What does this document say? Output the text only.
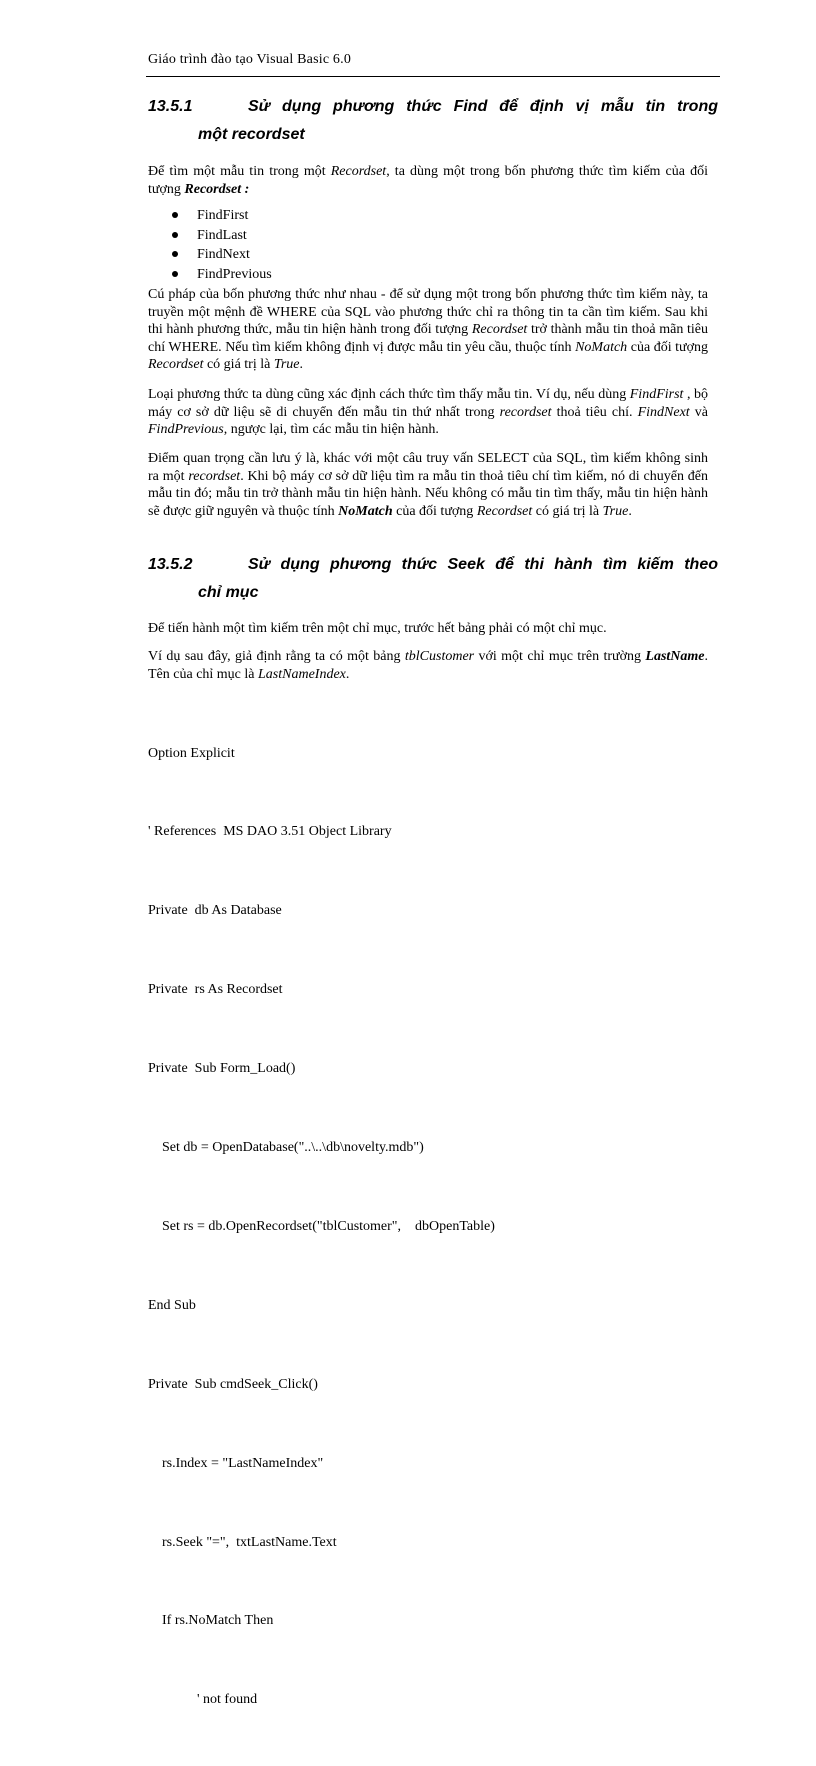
Giáo trình đào tạo Visual Basic 6.0
13.5.1	Sử dụng phương thức Find để định vị mẫu tin trong
một recordset
Để tìm một mẫu tin trong một Recordset, ta dùng một trong bốn phương thức tìm kiếm của đối tượng Recordset :
FindFirst
FindLast
FindNext
FindPrevious
Cú pháp của bốn phương thức như nhau - để sử dụng một trong bốn phương thức tìm kiếm này, ta truyền một mệnh đề WHERE của SQL vào phương thức chỉ ra thông tin ta cần tìm kiếm. Sau khi thi hành phương thức, mẫu tin hiện hành trong đối tượng Recordset trở thành mẫu tin thoả mãn tiêu chí WHERE. Nếu tìm kiếm không định vị được mẫu tin yêu cầu, thuộc tính NoMatch của đối tượng Recordset có giá trị là True.
Loại phương thức ta dùng cũng xác định cách thức tìm thấy mẫu tin. Ví dụ, nếu dùng FindFirst , bộ máy cơ sở dữ liệu sẽ di chuyển đến mẫu tin thứ nhất trong recordset thoả tiêu chí. FindNext và FindPrevious, ngược lại, tìm các mẫu tin hiện hành.
Điểm quan trọng cần lưu ý là, khác với một câu truy vấn SELECT của SQL, tìm kiếm không sinh ra một recordset. Khi bộ máy cơ sở dữ liệu tìm ra mẫu tin thoả tiêu chí tìm kiếm, nó di chuyển đến mẫu tin đó; mẫu tin trở thành mẫu tin hiện hành. Nếu không có mẫu tin tìm thấy, mẫu tin hiện hành sẽ được giữ nguyên và thuộc tính NoMatch của đối tượng Recordset có giá trị là True.
13.5.2	Sử dụng phương thức Seek để thi hành tìm kiếm theo
chỉ mục
Để tiến hành một tìm kiếm trên một chỉ mục, trước hết bảng phải có một chỉ mục.
Ví dụ sau đây, giả định rằng ta có một bảng tblCustomer với một chỉ mục trên trường LastName. Tên của chỉ mục là LastNameIndex.

Option Explicit

' References  MS DAO 3.51 Object Library

Private  db As Database

Private  rs As Recordset

Private  Sub Form_Load()

Set db = OpenDatabase("..\..\db\novelty.mdb")

Set rs = db.OpenRecordset("tblCustomer",    dbOpenTable)

End Sub

Private  Sub cmdSeek_Click()

rs.Index = "LastNameIndex"

rs.Seek "=",  txtLastName.Text

If rs.NoMatch Then

' not found
